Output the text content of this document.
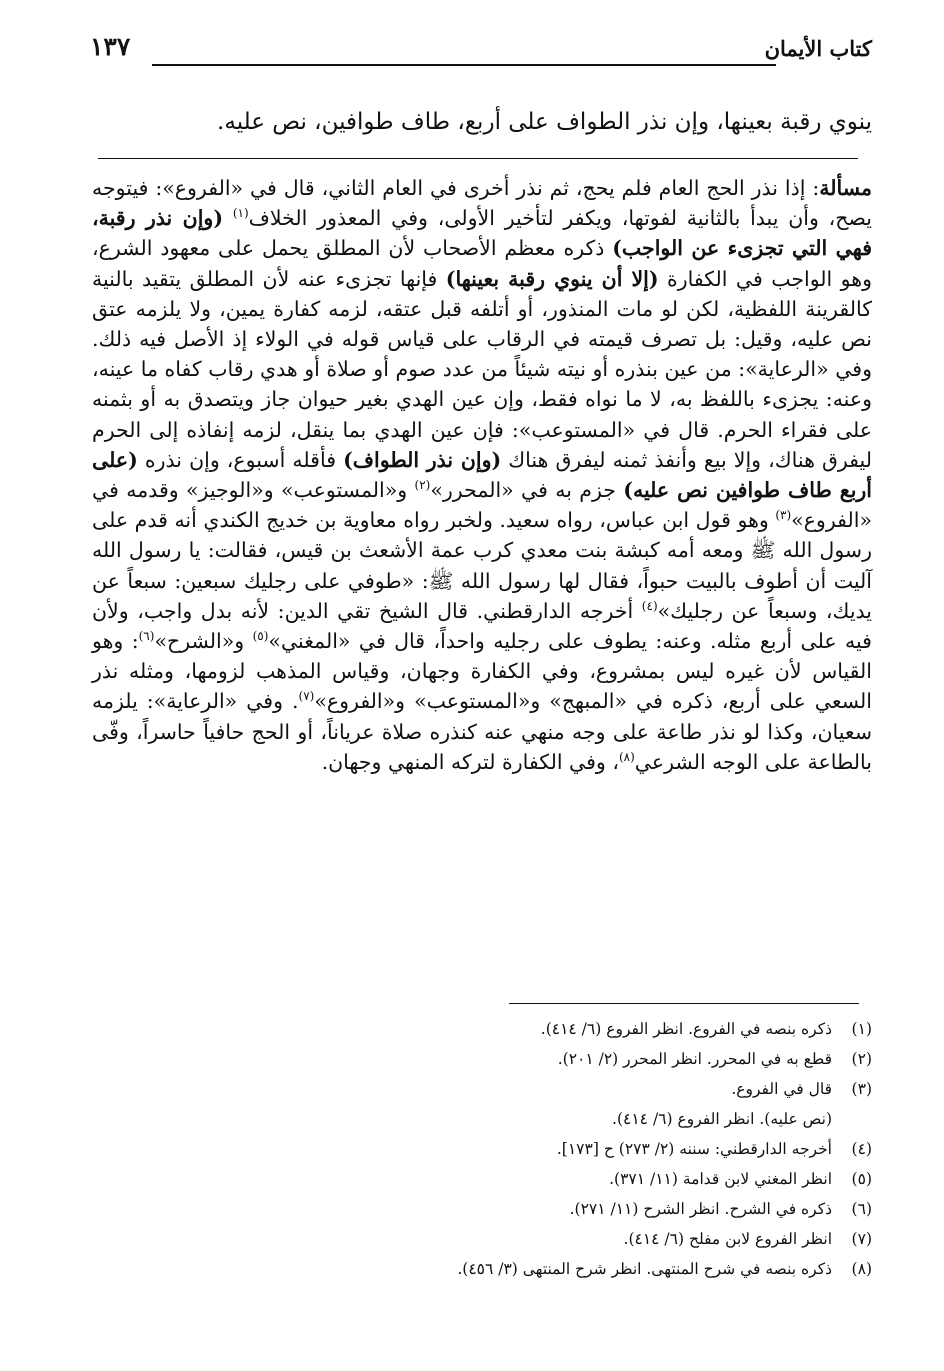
كتاب الأيمان
١٣٧
ينوي رقبة بعينها، وإن نذر الطواف على أربع، طاف طوافين، نص عليه.

مسألة: إذا نذر الحج العام فلم يحج، ثم نذر أخرى في العام الثاني، قال في «الفروع»: فيتوجه يصح، وأن يبدأ بالثانية لفوتها، ويكفر لتأخير الأولى، وفي المعذور الخلاف$^{(١)}$ (وإن نذر رقبة، فهي التي تجزىء عن الواجب) ذكره معظم الأصحاب لأن المطلق يحمل على معهود الشرع، وهو الواجب في الكفارة (إلا أن ينوي رقبة بعينها) فإنها تجزىء عنه لأن المطلق يتقيد بالنية كالقرينة اللفظية، لكن لو مات المنذور، أو أتلفه قبل عتقه، لزمه كفارة يمين، ولا يلزمه عتق نص عليه، وقيل: بل تصرف قيمته في الرقاب على قياس قوله في الولاء إذ الأصل فيه ذلك. وفي «الرعاية»: من عين بنذره أو نيته شيئاً من عدد صوم أو صلاة أو هدي رقاب كفاه ما عينه، وعنه: يجزىء باللفظ به، لا ما نواه فقط، وإن عين الهدي بغير حيوان جاز ويتصدق به أو بثمنه على فقراء الحرم. قال في «المستوعب»: فإن عين الهدي بما ينقل، لزمه إنفاذه إلى الحرم ليفرق هناك، وإلا بيع وأنفذ ثمنه ليفرق هناك (وإن نذر الطواف) فأقله أسبوع، وإن نذره (على أربع طاف طوافين نص عليه) جزم به في «المحرر»$^{(٢)}$ و«المستوعب» و«الوجيز» وقدمه في «الفروع»$^{(٣)}$ وهو قول ابن عباس، رواه سعيد. ولخبر رواه معاوية بن خديج الكندي أنه قدم على رسول الله ﷺ ومعه أمه كبشة بنت معدي كرب عمة الأشعث بن قيس، فقالت: يا رسول الله آليت أن أطوف بالبيت حبواً، فقال لها رسول الله ﷺ: «طوفي على رجليك سبعين: سبعاً عن يديك، وسبعاً عن رجليك»$^{(٤)}$ أخرجه الدارقطني. قال الشيخ تقي الدين: لأنه بدل واجب، ولأن فيه على أربع مثله. وعنه: يطوف على رجليه واحداً، قال في «المغني»$^{(٥)}$ و«الشرح»$^{(٦)}$: وهو القياس لأن غيره ليس بمشروع، وفي الكفارة وجهان، وقياس المذهب لزومها، ومثله نذر السعي على أربع، ذكره في «المبهج» و«المستوعب» و«الفروع»$^{(٧)}$. وفي «الرعاية»: يلزمه سعيان، وكذا لو نذر طاعة على وجه منهي عنه كنذره صلاة عرياناً، أو الحج حافياً حاسراً، وفّى بالطاعة على الوجه الشرعي$^{(٨)}$، وفي الكفارة لتركه المنهي وجهان.

(١)
ذكره بنصه في الفروع. انظر الفروع (٦/ ٤١٤).
(٢)
قطع به في المحرر. انظر المحرر (٢/ ٢٠١).
(٣)
قال في الفروع.
(نص عليه). انظر الفروع (٦/ ٤١٤).
(٤)
أخرجه الدارقطني: سننه (٢/ ٢٧٣) ح [١٧٣].
(٥)
انظر المغني لابن قدامة (١١/ ٣٧١).
(٦)
ذكره في الشرح. انظر الشرح (١١/ ٢٧١).
(٧)
انظر الفروع لابن مفلح (٦/ ٤١٤).
(٨)
ذكره بنصه في شرح المنتهى. انظر شرح المنتهى (٣/ ٤٥٦).
